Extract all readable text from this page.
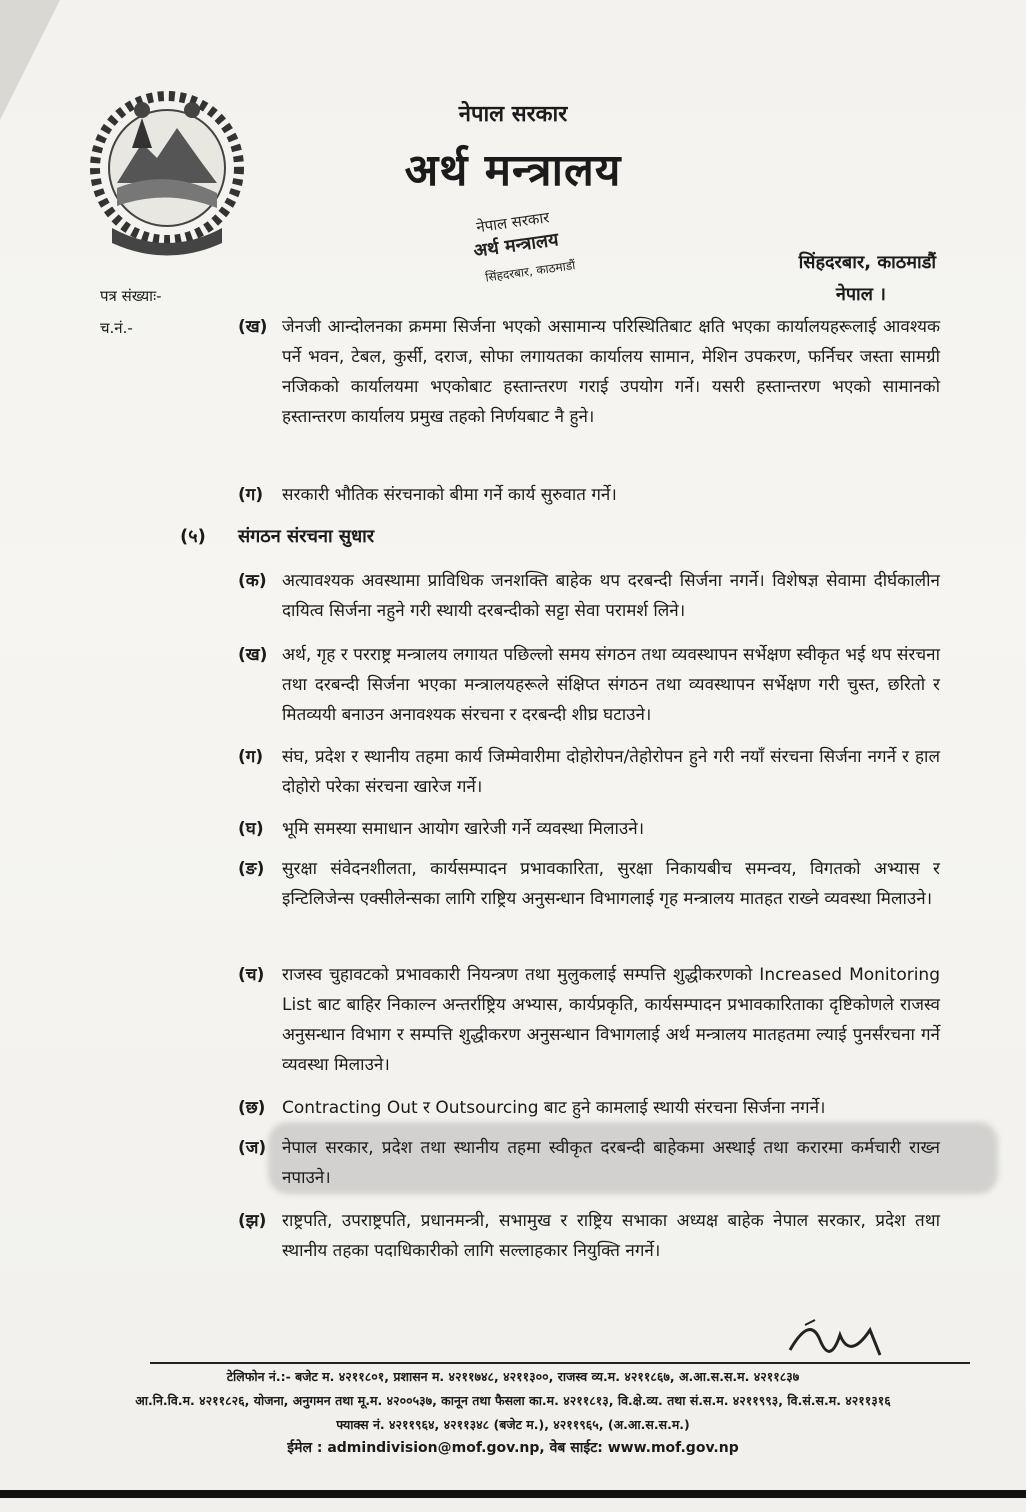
नेपाल सरकार
अर्थ मन्त्रालय
नेपाल सरकार
अर्थ मन्त्रालय
सिंहदरबार, काठमाडौं	सिंहदरबार, काठमाडौं
नेपाल ।
पत्र संख्याः-
च.नं.-	(ख) जेनजी आन्दोलनका क्रममा सिर्जना भएको असामान्य परिस्थितिबाट क्षति भएका कार्यालयहरूलाई आवश्यक पर्ने भवन, टेबल, कुर्सी, दराज, सोफा लगायतका कार्यालय सामान, मेशिन उपकरण, फर्निचर जस्ता सामग्री नजिकको कार्यालयमा भएकोबाट हस्तान्तरण गराई उपयोग गर्ने। यसरी हस्तान्तरण भएको सामानको हस्तान्तरण कार्यालय प्रमुख तहको निर्णयबाट नै हुने।
(ग) सरकारी भौतिक संरचनाको बीमा गर्ने कार्य सुरुवात गर्ने।
(५) संगठन संरचना सुधार
(क) अत्यावश्यक अवस्थामा प्राविधिक जनशक्ति बाहेक थप दरबन्दी सिर्जना नगर्ने। विशेषज्ञ सेवामा दीर्घकालीन दायित्व सिर्जना नहुने गरी स्थायी दरबन्दीको सट्टा सेवा परामर्श लिने।
(ख) अर्थ, गृह र परराष्ट्र मन्त्रालय लगायत पछिल्लो समय संगठन तथा व्यवस्थापन सर्भेक्षण स्वीकृत भई थप संरचना तथा दरबन्दी सिर्जना भएका मन्त्रालयहरूले संक्षिप्त संगठन तथा व्यवस्थापन सर्भेक्षण गरी चुस्त, छरितो र मितव्ययी बनाउन अनावश्यक संरचना र दरबन्दी शीघ्र घटाउने।
(ग) संघ, प्रदेश र स्थानीय तहमा कार्य जिम्मेवारीमा दोहोरोपन/तेहोरोपन हुने गरी नयाँ संरचना सिर्जना नगर्ने र हाल दोहोरो परेका संरचना खारेज गर्ने।
(घ) भूमि समस्या समाधान आयोग खारेजी गर्ने व्यवस्था मिलाउने।
(ङ) सुरक्षा संवेदनशीलता, कार्यसम्पादन प्रभावकारिता, सुरक्षा निकायबीच समन्वय, विगतको अभ्यास र इन्टिलिजेन्स एक्सीलेन्सका लागि राष्ट्रिय अनुसन्धान विभागलाई गृह मन्त्रालय मातहत राख्ने व्यवस्था मिलाउने।
(च) राजस्व चुहावटको प्रभावकारी नियन्त्रण तथा मुलुकलाई सम्पत्ति शुद्धीकरणको Increased Monitoring List बाट बाहिर निकाल्न अन्तर्राष्ट्रिय अभ्यास, कार्यप्रकृति, कार्यसम्पादन प्रभावकारिताका दृष्टिकोणले राजस्व अनुसन्धान विभाग र सम्पत्ति शुद्धीकरण अनुसन्धान विभागलाई अर्थ मन्त्रालय मातहतमा ल्याई पुनर्संरचना गर्ने व्यवस्था मिलाउने।
(छ) Contracting Out र Outsourcing बाट हुने कामलाई स्थायी संरचना सिर्जना नगर्ने।
(ज) नेपाल सरकार, प्रदेश तथा स्थानीय तहमा स्वीकृत दरबन्दी बाहेकमा अस्थाई तथा करारमा कर्मचारी राख्न नपाउने।
(झ) राष्ट्रपति, उपराष्ट्रपति, प्रधानमन्त्री, सभामुख र राष्ट्रिय सभाका अध्यक्ष बाहेक नेपाल सरकार, प्रदेश तथा स्थानीय तहका पदाधिकारीको लागि सल्लाहकार नियुक्ति नगर्ने।
टेलिफोन नं.:- बजेट म. ४२११८०१, प्रशासन म. ४२११७४८, ४२११३००, राजस्व व्य.म. ४२११८६७, अ.आ.स.स.म. ४२११८३७
आ.नि.वि.म. ४२११८२६, योजना, अनुगमन तथा मू.म. ४२००५३७, कानून तथा फैसला का.म. ४२११८१३, वि.क्षे.व्य. तथा सं.स.म. ४२११९९३, वि.सं.स.म. ४२११३१६
फ्याक्स नं. ४२११९६४, ४२११३४८ (बजेट म.), ४२११९६५, (अ.आ.स.स.म.)
ईमेल : admindivision@mof.gov.np, वेब साईट: www.mof.gov.np
